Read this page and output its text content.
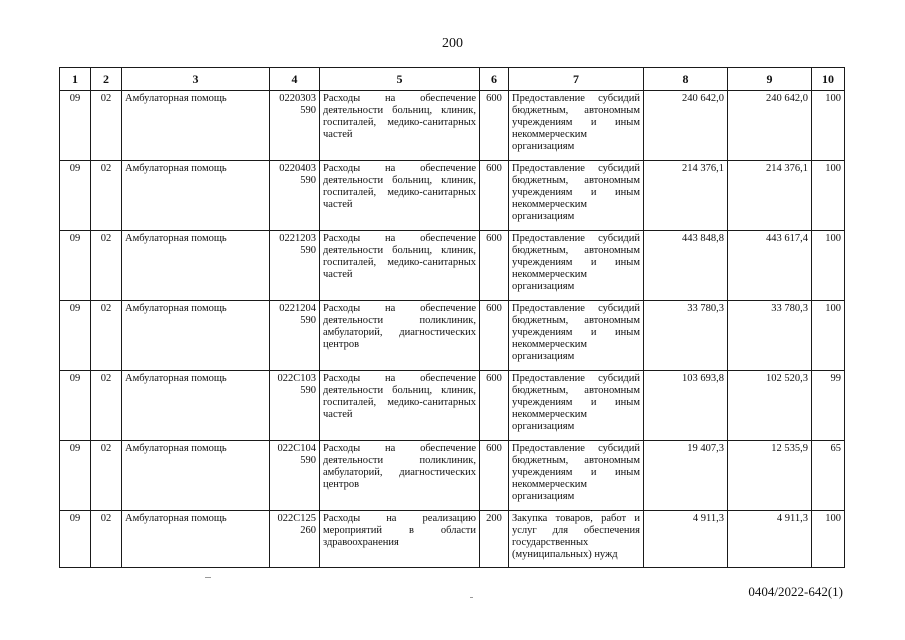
200
1	2	3	4	5	6	7	8	9	10
09	02	Амбулаторная помощь	0220303 590	Расходы на обеспечение деятельности больниц, клиник, госпиталей, медико-санитарных частей	600	Предоставление субсидий бюджетным, автономным учреждениям и иным некоммерческим организациям	240 642,0	240 642,0	100
09	02	Амбулаторная помощь	0220403 590	Расходы на обеспечение деятельности больниц, клиник, госпиталей, медико-санитарных частей	600	Предоставление субсидий бюджетным, автономным учреждениям и иным некоммерческим организациям	214 376,1	214 376,1	100
09	02	Амбулаторная помощь	0221203 590	Расходы на обеспечение деятельности больниц, клиник, госпиталей, медико-санитарных частей	600	Предоставление субсидий бюджетным, автономным учреждениям и иным некоммерческим организациям	443 848,8	443 617,4	100
09	02	Амбулаторная помощь	0221204 590	Расходы на обеспечение деятельности поликлиник, амбулаторий, диагностических центров	600	Предоставление субсидий бюджетным, автономным учреждениям и иным некоммерческим организациям	33 780,3	33 780,3	100
09	02	Амбулаторная помощь	022С103 590	Расходы на обеспечение деятельности больниц, клиник, госпиталей, медико-санитарных частей	600	Предоставление субсидий бюджетным, автономным учреждениям и иным некоммерческим организациям	103 693,8	102 520,3	99
09	02	Амбулаторная помощь	022С104 590	Расходы на обеспечение деятельности поликлиник, амбулаторий, диагностических центров	600	Предоставление субсидий бюджетным, автономным учреждениям и иным некоммерческим организациям	19 407,3	12 535,9	65
09	02	Амбулаторная помощь	022С125 260	Расходы на реализацию мероприятий в области здравоохранения	200	Закупка товаров, работ и услуг для обеспечения государственных (муниципальных) нужд	4 911,3	4 911,3	100
0404/2022-642(1)
